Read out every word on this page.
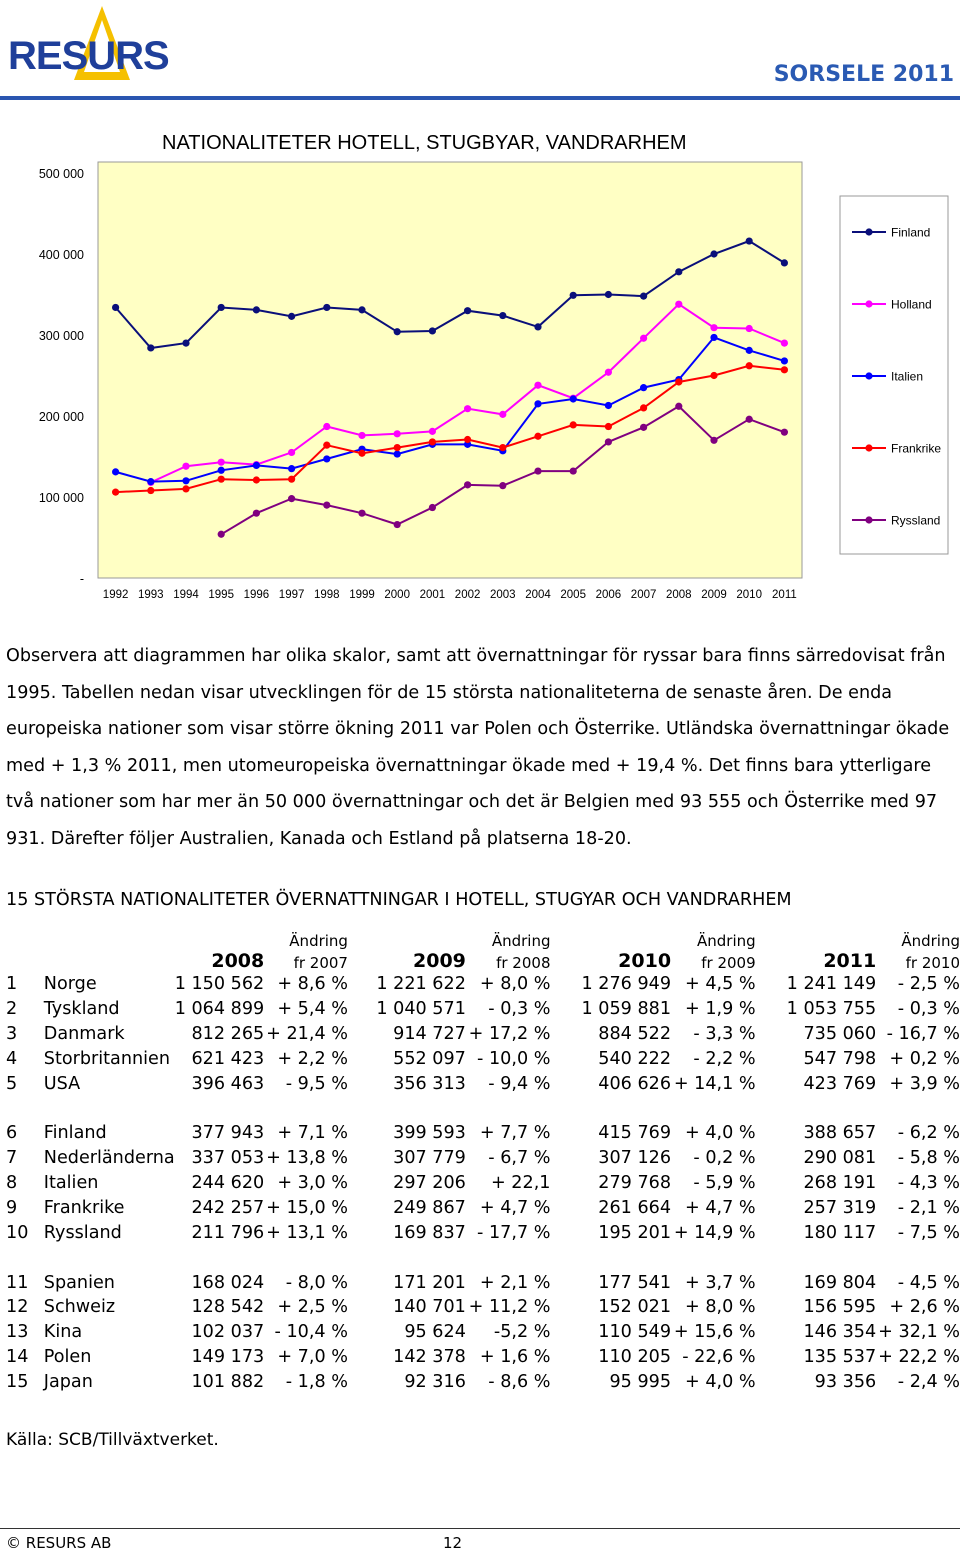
RESURS	SORSELE 2011
NATIONALITETER HOTELL, STUGBYAR, VANDRARHEM
-
100 000
200 000
300 000
400 000
500 000
1992 1993 1994 1995 1996 1997 1998 1999 2000 2001 2002 2003 2004 2005 2006 2007 2008 2009 2010 2011
Finland
Holland
Italien
Frankrike
Ryssland
Observera att diagrammen har olika skalor, samt att övernattningar för ryssar bara finns särredovisat från 1995. Tabellen nedan visar utvecklingen för de 15 största nationaliteterna de senaste åren. De enda europeiska nationer som visar större ökning 2011 var Polen och Österrike. Utländska övernattningar ökade med + 1,3 % 2011, men utomeuropeiska övernattningar ökade med + 19,4 %. Det finns bara ytterligare två nationer som har mer än 50 000 övernattningar och det är Belgien med 93 555 och Österrike med 97 931. Därefter följer Australien, Kanada och Estland på platserna 18-20.
15 STÖRSTA NATIONALITETER ÖVERNATTNINGAR I HOTELL, STUGYAR OCH VANDRARHEM
			Ändring		Ändring		Ändring		Ändring
		2008	fr 2007	2009	fr 2008	2010	fr 2009	2011	fr 2010
1	Norge	1 150 562	+ 8,6 %	1 221 622	+ 8,0 %	1 276 949	+ 4,5 %	1 241 149	- 2,5 %
2	Tyskland	1 064 899	+ 5,4 %	1 040 571	- 0,3 %	1 059 881	+ 1,9 %	1 053 755	- 0,3 %
3	Danmark	812 265	+ 21,4 %	914 727	+ 17,2 %	884 522	- 3,3 %	735 060	- 16,7 %
4	Storbritannien	621 423	+ 2,2 %	552 097	- 10,0 %	540 222	- 2,2 %	547 798	+ 0,2 %
5	USA	396 463	- 9,5 %	356 313	- 9,4 %	406 626	+ 14,1 %	423 769	+ 3,9 %

6	Finland	377 943	+ 7,1 %	399 593	+ 7,7 %	415 769	+ 4,0 %	388 657	- 6,2 %
7	Nederländerna	337 053	+ 13,8 %	307 779	- 6,7 %	307 126	- 0,2 %	290 081	- 5,8 %
8	Italien	244 620	+ 3,0 %	297 206	+ 22,1	279 768	- 5,9 %	268 191	- 4,3 %
9	Frankrike	242 257	+ 15,0 %	249 867	+ 4,7 %	261 664	+ 4,7 %	257 319	- 2,1 %
10	Ryssland	211 796	+ 13,1 %	169 837	- 17,7 %	195 201	+ 14,9 %	180 117	- 7,5 %

11	Spanien	168 024	- 8,0 %	171 201	+ 2,1 %	177 541	+ 3,7 %	169 804	- 4,5 %
12	Schweiz	128 542	+ 2,5 %	140 701	+ 11,2 %	152 021	+ 8,0 %	156 595	+ 2,6 %
13	Kina	102 037	- 10,4 %	95 624	-5,2 %	110 549	+ 15,6 %	146 354	+ 32,1 %
14	Polen	149 173	+ 7,0 %	142 378	+ 1,6 %	110 205	- 22,6 %	135 537	+ 22,2 %
15	Japan	101 882	- 1,8 %	92 316	- 8,6 %	95 995	+ 4,0 %	93 356	- 2,4 %
Källa: SCB/Tillväxtverket.
© RESURS AB	12
